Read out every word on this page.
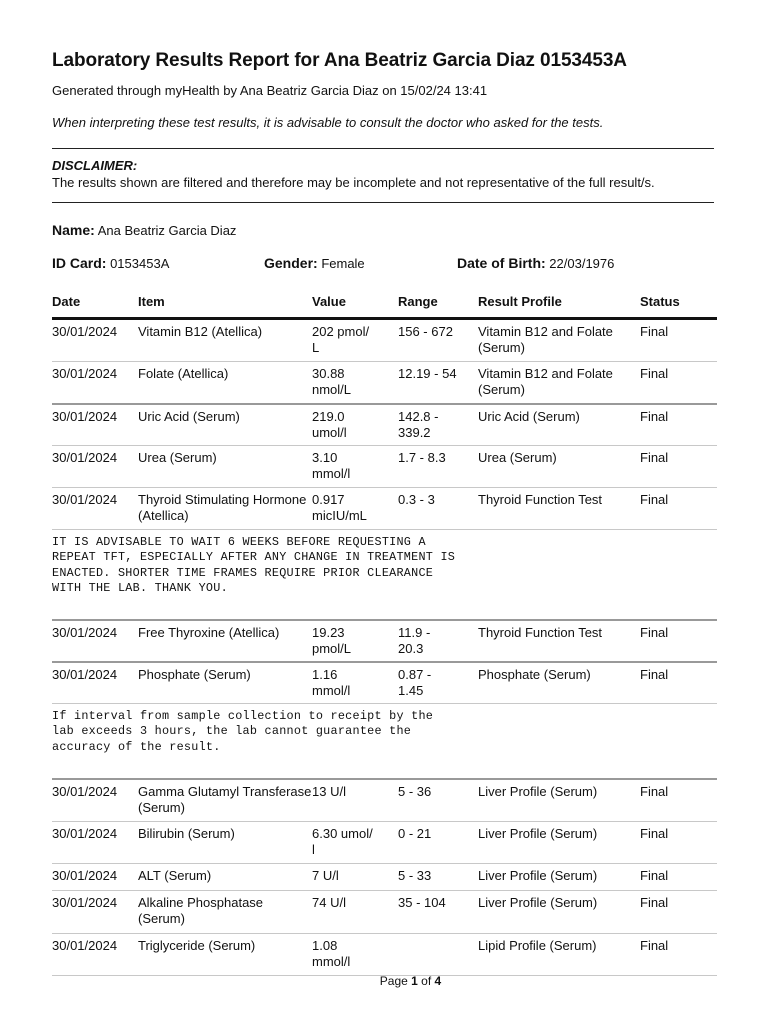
Laboratory Results Report for Ana Beatriz Garcia Diaz 0153453A
Generated through myHealth by Ana Beatriz Garcia Diaz on 15/02/24 13:41
When interpreting these test results, it is advisable to consult the doctor who asked for the tests.
DISCLAIMER:
The results shown are filtered and therefore may be incomplete and not representative of the full result/s.
Name: Ana Beatriz Garcia Diaz
ID Card: 0153453A	Gender: Female	Date of Birth: 22/03/1976
Date	Item	Value	Range	Result Profile	Status
30/01/2024	Vitamin B12 (Atellica)	202 pmol/
L	156 - 672	Vitamin B12 and Folate (Serum)	Final
30/01/2024	Folate (Atellica)	30.88
nmol/L	12.19 - 54	Vitamin B12 and Folate (Serum)	Final
30/01/2024	Uric Acid (Serum)	219.0
umol/l	142.8 -
339.2	Uric Acid (Serum)	Final
30/01/2024	Urea (Serum)	3.10
mmol/l	1.7 - 8.3	Urea (Serum)	Final
30/01/2024	Thyroid Stimulating Hormone (Atellica)	0.917
micIU/mL	0.3 - 3	Thyroid Function Test	Final
IT IS ADVISABLE TO WAIT 6 WEEKS BEFORE REQUESTING A
REPEAT TFT, ESPECIALLY AFTER ANY CHANGE IN TREATMENT IS
ENACTED. SHORTER TIME FRAMES REQUIRE PRIOR CLEARANCE
WITH THE LAB. THANK YOU.					
30/01/2024	Free Thyroxine (Atellica)	19.23
pmol/L	11.9 -
20.3	Thyroid Function Test	Final
30/01/2024	Phosphate (Serum)	1.16
mmol/l	0.87 -
1.45	Phosphate (Serum)	Final
If interval from sample collection to receipt by the
lab exceeds 3 hours, the lab cannot guarantee the
accuracy of the result.					
30/01/2024	Gamma Glutamyl Transferase (Serum)	13 U/l	5 - 36	Liver Profile (Serum)	Final
30/01/2024	Bilirubin (Serum)	6.30 umol/
l	0 - 21	Liver Profile (Serum)	Final
30/01/2024	ALT (Serum)	7 U/l	5 - 33	Liver Profile (Serum)	Final
30/01/2024	Alkaline Phosphatase (Serum)	74 U/l	35 - 104	Liver Profile (Serum)	Final
30/01/2024	Triglyceride (Serum)	1.08
mmol/l		Lipid Profile (Serum)	Final
Page 1 of 4
